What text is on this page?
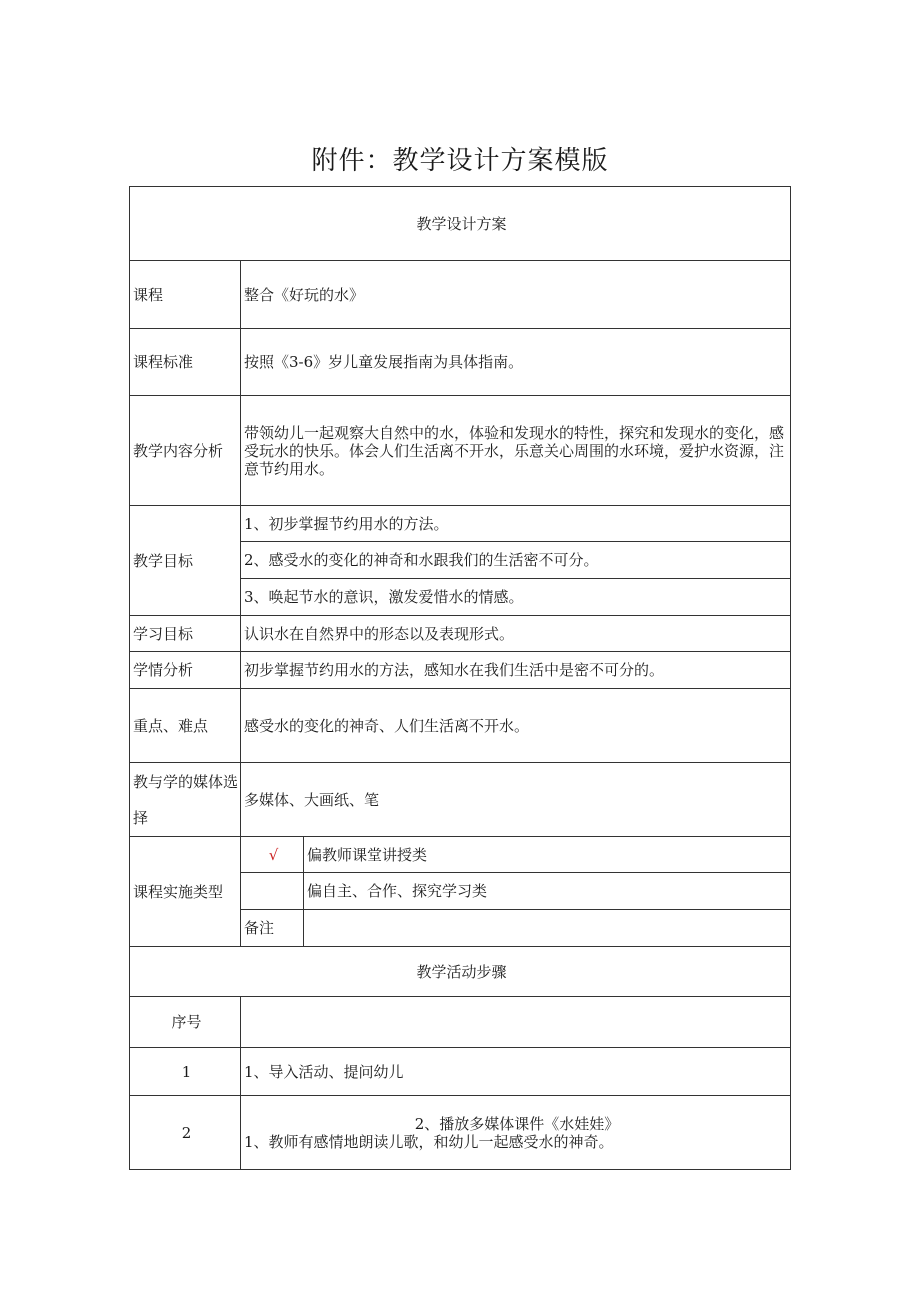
附件：教学设计方案模版
教学设计方案		
课程	整合《好玩的水》	
课程标准	按照《3-6》岁儿童发展指南为具体指南。	
教学内容分析	带领幼儿一起观察大自然中的水，体验和发现水的特性，探究和发现水的变化，感受玩水的快乐。体会人们生活离不开水，乐意关心周围的水环境，爱护水资源，注意节约用水。	
教学目标	1、初步掌握节约用水的方法。	
	2、感受水的变化的神奇和水跟我们的生活密不可分。	
	3、唤起节水的意识，激发爱惜水的情感。	
学习目标	认识水在自然界中的形态以及表现形式。	
学情分析	初步掌握节约用水的方法，感知水在我们生活中是密不可分的。	
重点、难点	感受水的变化的神奇、人们生活离不开水。	
教与学的媒体选择	多媒体、大画纸、笔	
课程实施类型	√	偏教师课堂讲授类
		偏自主、合作、探究学习类
	备注	
教学活动步骤		
序号		
1	1、导入活动、提问幼儿	
2	2、播放多媒体课件《水娃娃》
1、教师有感情地朗读儿歌，和幼儿一起感受水的神奇。	
